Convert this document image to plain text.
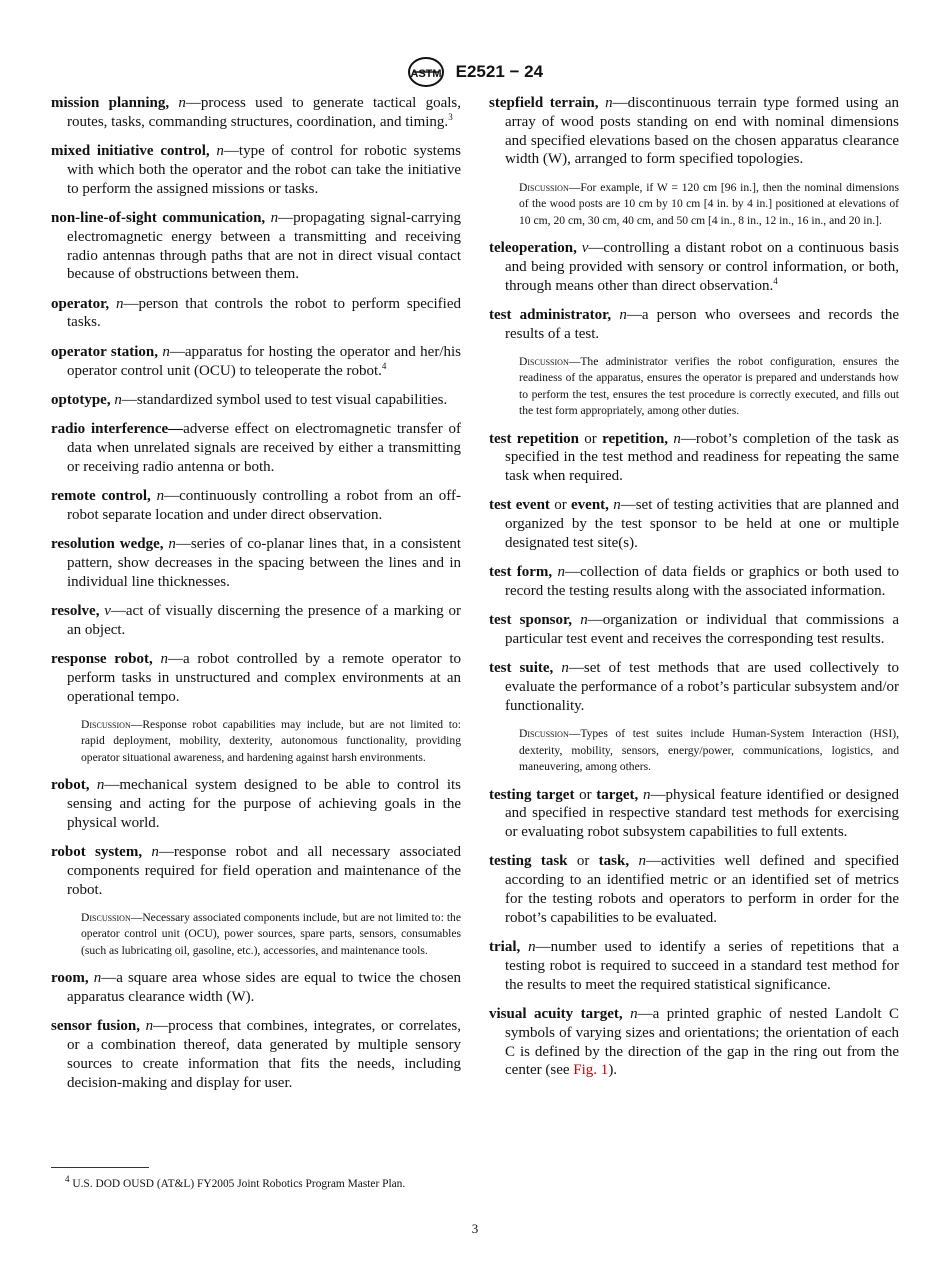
ASTM E2521 − 24

mission planning, n—process used to generate tactical goals, routes, tasks, commanding structures, coordination, and timing.$^3$

mixed initiative control, n—type of control for robotic systems with which both the operator and the robot can take the initiative to perform the assigned missions or tasks.

non-line-of-sight communication, n—propagating signal-carrying electromagnetic energy between a transmitting and receiving radio antennas through paths that are not in direct visual contact because of obstructions between them.

operator, n—person that controls the robot to perform specified tasks.

operator station, n—apparatus for hosting the operator and her/his operator control unit (OCU) to teleoperate the robot.$^4$

optotype, n—standardized symbol used to test visual capabilities.

radio interference—adverse effect on electromagnetic transfer of data when unrelated signals are received by either a transmitting or receiving radio antenna or both.

remote control, n—continuously controlling a robot from an off-robot separate location and under direct observation.

resolution wedge, n—series of co-planar lines that, in a consistent pattern, show decreases in the spacing between the lines and in individual line thicknesses.

resolve, v—act of visually discerning the presence of a marking or an object.

response robot, n—a robot controlled by a remote operator to perform tasks in unstructured and complex environments at an operational tempo.

Discussion—Response robot capabilities may include, but are not limited to: rapid deployment, mobility, dexterity, autonomous functionality, providing operator situational awareness, and hardening against harsh environments.

robot, n—mechanical system designed to be able to control its sensing and acting for the purpose of achieving goals in the physical world.

robot system, n—response robot and all necessary associated components required for field operation and maintenance of the robot.

Discussion—Necessary associated components include, but are not limited to: the operator control unit (OCU), power sources, spare parts, sensors, consumables (such as lubricating oil, gasoline, etc.), accessories, and maintenance tools.

room, n—a square area whose sides are equal to twice the chosen apparatus clearance width (W).

sensor fusion, n—process that combines, integrates, or correlates, or a combination thereof, data generated by multiple sensory sources to create information that fits the needs, including decision-making and display for user.

stepfield terrain, n—discontinuous terrain type formed using an array of wood posts standing on end with nominal dimensions and specified elevations based on the chosen apparatus clearance width (W), arranged to form specified topologies.

Discussion—For example, if W = 120 cm [96 in.], then the nominal dimensions of the wood posts are 10 cm by 10 cm [4 in. by 4 in.] positioned at elevations of 10 cm, 20 cm, 30 cm, 40 cm, and 50 cm [4 in., 8 in., 12 in., 16 in., and 20 in.].

teleoperation, v—controlling a distant robot on a continuous basis and being provided with sensory or control information, or both, through means other than direct observation.$^4$

test administrator, n—a person who oversees and records the results of a test.

Discussion—The administrator verifies the robot configuration, ensures the readiness of the apparatus, ensures the operator is prepared and understands how to perform the test, ensures the test procedure is correctly executed, and fills out the test form appropriately, among other duties.

test repetition or repetition, n—robot’s completion of the task as specified in the test method and readiness for repeating the same task when required.

test event or event, n—set of testing activities that are planned and organized by the test sponsor to be held at one or multiple designated test site(s).

test form, n—collection of data fields or graphics or both used to record the testing results along with the associated information.

test sponsor, n—organization or individual that commissions a particular test event and receives the corresponding test results.

test suite, n—set of test methods that are used collectively to evaluate the performance of a robot’s particular subsystem and/or functionality.

Discussion—Types of test suites include Human-System Interaction (HSI), dexterity, mobility, sensors, energy/power, communications, logistics, and maneuvering, among others.

testing target or target, n—physical feature identified or designed and specified in respective standard test methods for exercising or evaluating robot subsystem capabilities to full extents.

testing task or task, n—activities well defined and specified according to an identified metric or an identified set of metrics for the testing robots and operators to perform in order for the robot’s capabilities to be evaluated.

trial, n—number used to identify a series of repetitions that a testing robot is required to succeed in a standard test method for the results to meet the required statistical significance.

visual acuity target, n—a printed graphic of nested Landolt C symbols of varying sizes and orientations; the orientation of each C is defined by the direction of the gap in the ring out from the center (see Fig. 1).

$^4$ U.S. DOD OUSD (AT&L) FY2005 Joint Robotics Program Master Plan.
3
